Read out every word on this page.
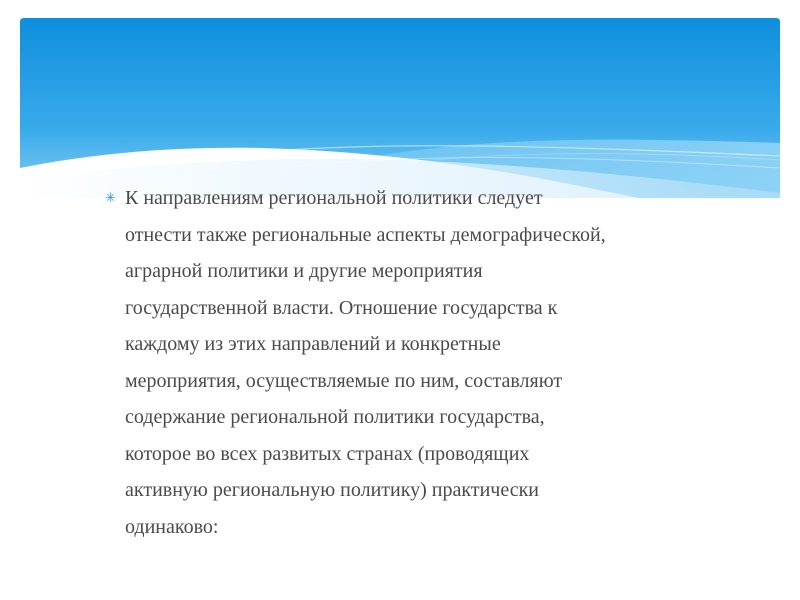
✳ К направлениям региональной политики следует
отнести также региональные аспекты демографической,
аграрной политики и другие мероприятия
государственной власти. Отношение государства к
каждому из этих направлений и конкретные
мероприятия, осуществляемые по ним, составляют
содержание региональной политики государства,
которое во всех развитых странах (проводящих
активную региональную политику) практически
одинаково:
